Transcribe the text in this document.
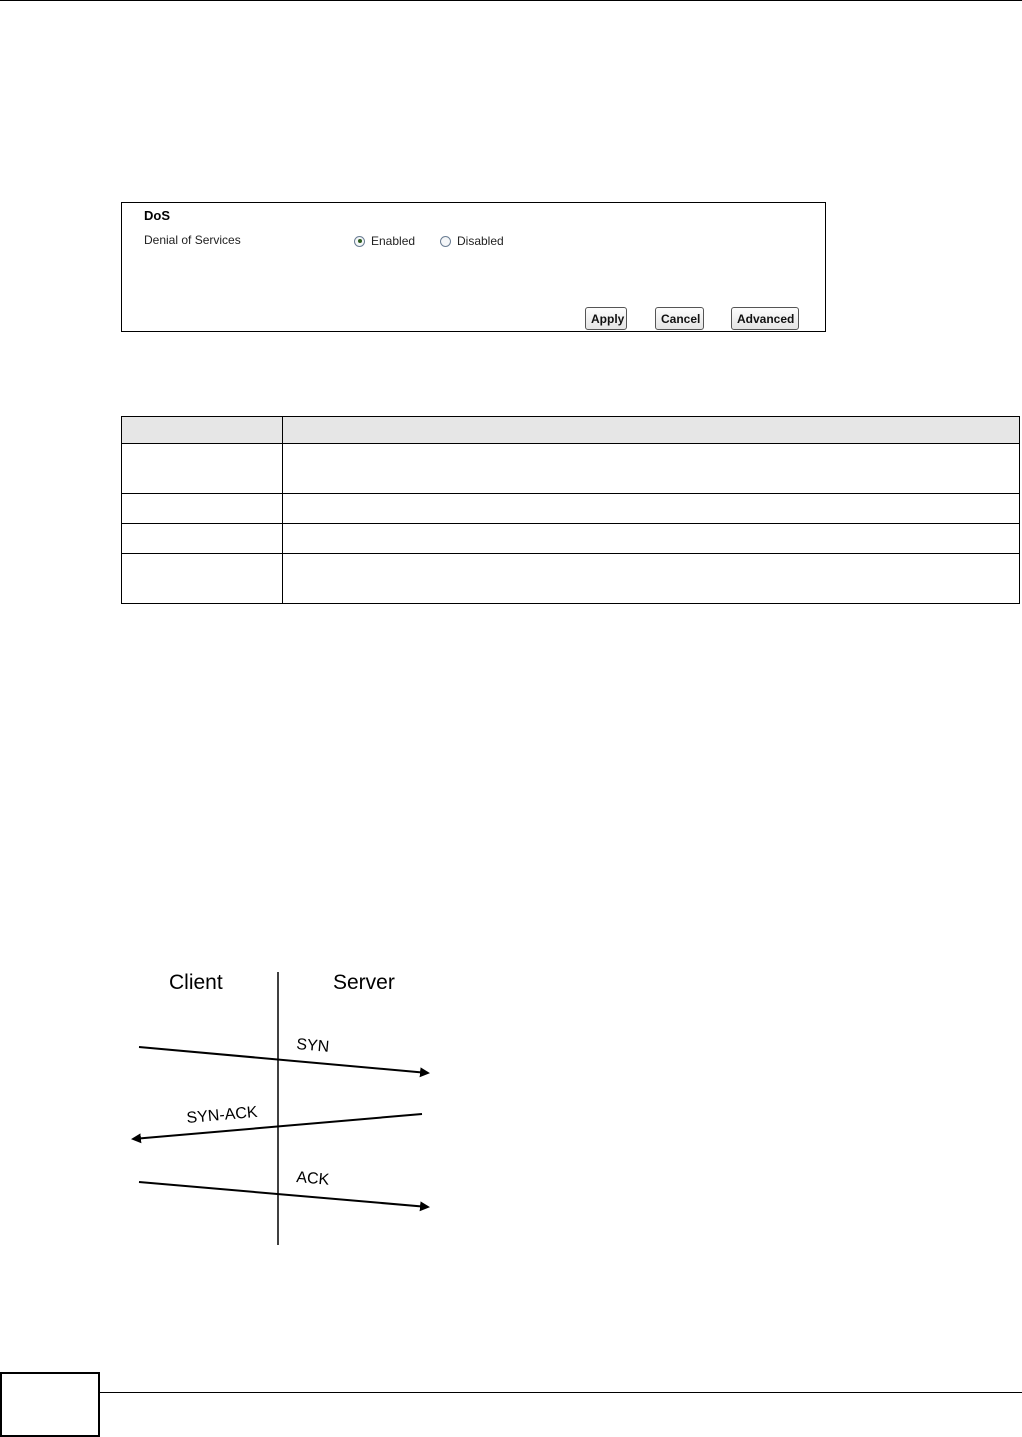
DoS
Denial of Services	Enabled	Disabled
Apply	Cancel	Advanced

Client	Server
SYN
SYN-ACK
ACK
